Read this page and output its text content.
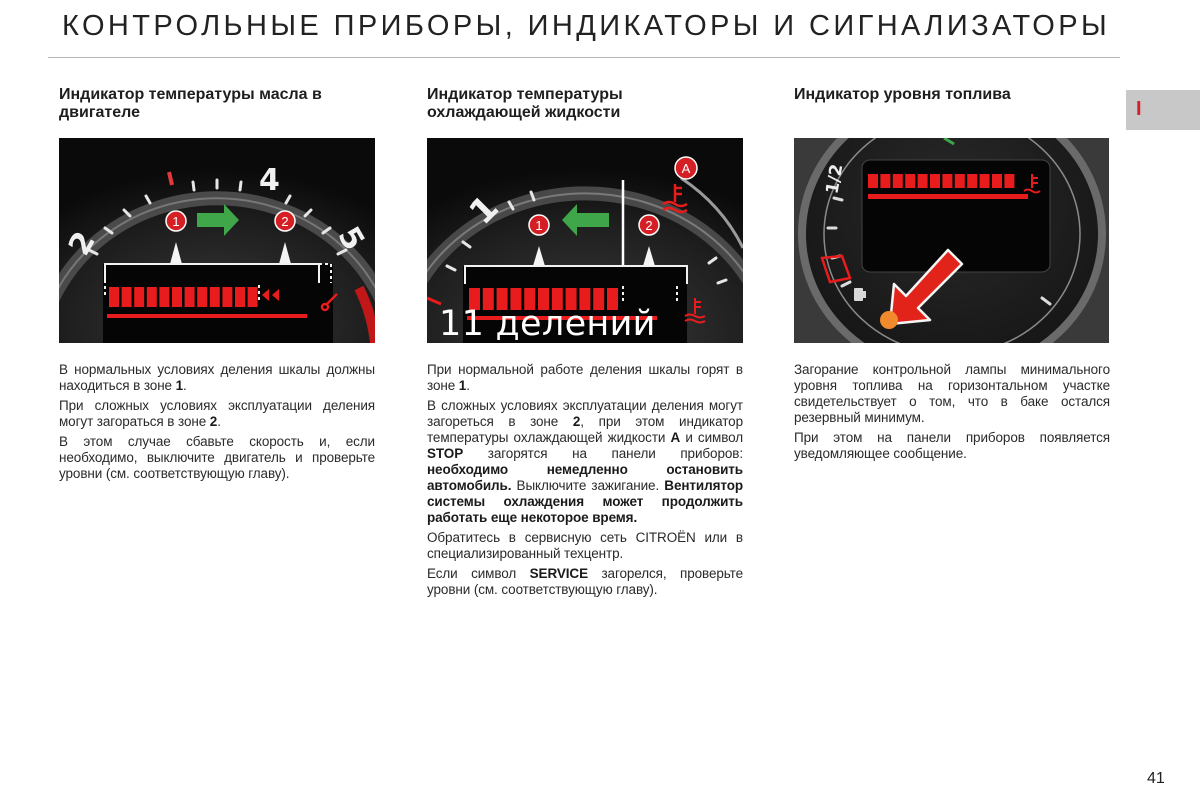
КОНТРОЛЬНЫЕ ПРИБОРЫ, ИНДИКАТОРЫ И СИГНАЛИЗАТОРЫ
I
Индикатор температуры масла в
двигателе
2
4
5
1	2

В нормальных условиях деления шкалы должны находиться в зоне 1.

При сложных условиях эксплуатации деления могут загораться в зоне 2.

В этом случае сбавьте скорость и, если необходимо, выключите двигатель и проверьте уровни (см. соответствующую главу).

Индикатор температуры
охлаждающей жидкости
1 1	2
A
11 делений

При нормальной работе деления шкалы горят в зоне 1.

В сложных условиях эксплуатации деления могут загореться в зоне 2, при этом индикатор температуры охлаждающей жидкости A и символ STOP загорятся на панели приборов: необходимо немедленно остановить автомобиль. Выключите зажигание. Вентилятор системы охлаждения может продолжить работать еще некоторое время.

Обратитесь в сервисную сеть CITROËN или в специализированный техцентр.

Если символ SERVICE загорелся, проверьте уровни (см. соответствующую главу).

Индикатор уровня топлива
1/2

Загорание контрольной лампы минимального уровня топлива на горизонтальном участке свидетельствует о том, что в баке остался резервный минимум.

При этом на панели приборов появляется уведомляющее сообщение.

41
